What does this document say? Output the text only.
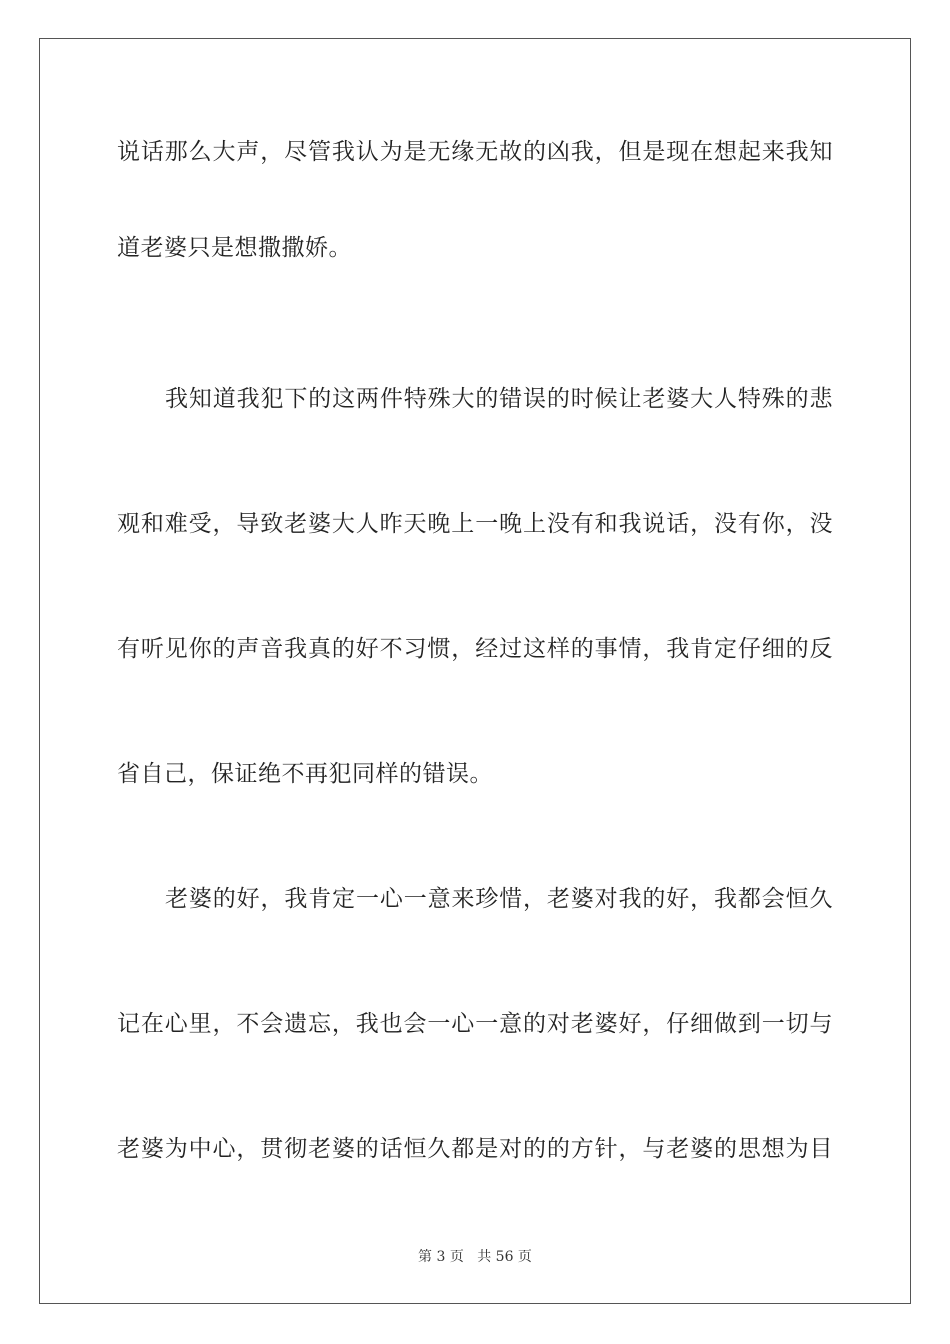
说话那么大声，尽管我认为是无缘无故的凶我，但是现在想起来我知
道老婆只是想撒撒娇。
我知道我犯下的这两件特殊大的错误的时候让老婆大人特殊的悲
观和难受，导致老婆大人昨天晚上一晚上没有和我说话，没有你，没
有听见你的声音我真的好不习惯，经过这样的事情，我肯定仔细的反
省自己，保证绝不再犯同样的错误。
老婆的好，我肯定一心一意来珍惜，老婆对我的好，我都会恒久
记在心里，不会遗忘，我也会一心一意的对老婆好，仔细做到一切与
老婆为中心，贯彻老婆的话恒久都是对的的方针，与老婆的思想为目
第 3 页 共 56 页
